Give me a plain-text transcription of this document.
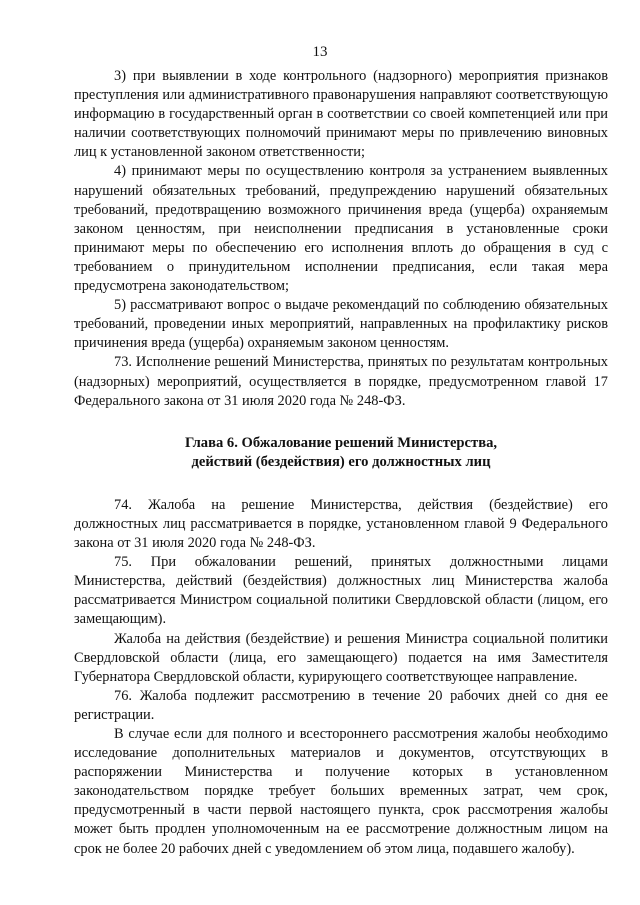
13

3) при выявлении в ходе контрольного (надзорного) мероприятия признаков преступления или административного правонарушения направляют соответствующую информацию в государственный орган в соответствии со своей компетенцией или при наличии соответствующих полномочий принимают меры по привлечению виновных лиц к установленной законом ответственности;

4) принимают меры по осуществлению контроля за устранением выявленных нарушений обязательных требований, предупреждению нарушений обязательных требований, предотвращению возможного причинения вреда (ущерба) охраняемым законом ценностям, при неисполнении предписания в установленные сроки принимают меры по обеспечению его исполнения вплоть до обращения в суд с требованием о принудительном исполнении предписания, если такая мера предусмотрена законодательством;

5) рассматривают вопрос о выдаче рекомендаций по соблюдению обязательных требований, проведении иных мероприятий, направленных на профилактику рисков причинения вреда (ущерба) охраняемым законом ценностям.

73. Исполнение решений Министерства, принятых по результатам контрольных (надзорных) мероприятий, осуществляется в порядке, предусмотренном главой 17 Федерального закона от 31 июля 2020 года № 248-ФЗ.

Глава 6. Обжалование решений Министерства,
действий (бездействия) его должностных лиц

74. Жалоба на решение Министерства, действия (бездействие) его должностных лиц рассматривается в порядке, установленном главой 9 Федерального закона от 31 июля 2020 года № 248-ФЗ.

75. При обжаловании решений, принятых должностными лицами Министерства, действий (бездействия) должностных лиц Министерства жалоба рассматривается Министром социальной политики Свердловской области (лицом, его замещающим).

Жалоба на действия (бездействие) и решения Министра социальной политики Свердловской области (лица, его замещающего) подается на имя Заместителя Губернатора Свердловской области, курирующего соответствующее направление.

76. Жалоба подлежит рассмотрению в течение 20 рабочих дней со дня ее регистрации.

В случае если для полного и всестороннего рассмотрения жалобы необходимо исследование дополнительных материалов и документов, отсутствующих в распоряжении Министерства и получение которых в установленном законодательством порядке требует больших временных затрат, чем срок, предусмотренный в части первой настоящего пункта, срок рассмотрения жалобы может быть продлен уполномоченным на ее рассмотрение должностным лицом на срок не более 20 рабочих дней с уведомлением об этом лица, подавшего жалобу).
